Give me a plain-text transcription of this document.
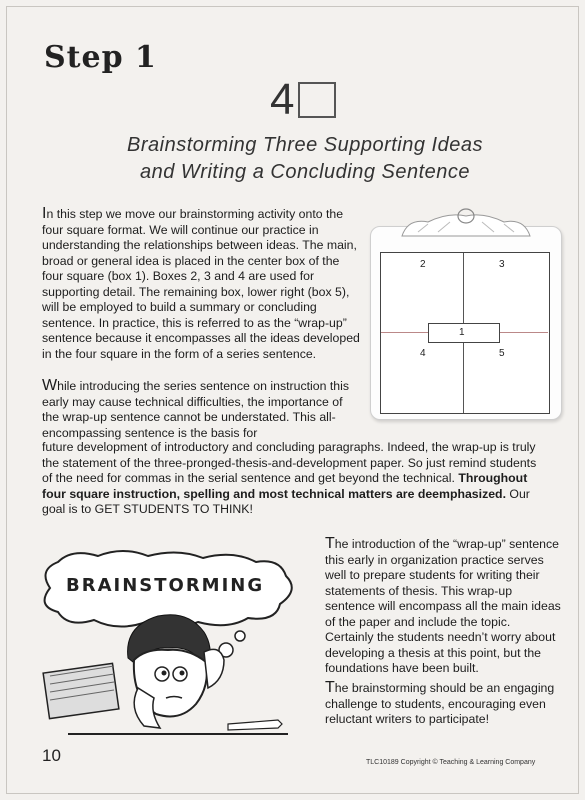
Step 1
4
Brainstorming Three Supporting Ideas
and Writing a Concluding Sentence

In this step we move our brainstorming activity onto the four square format. We will continue our practice in understanding the relationships between ideas. The main, broad or general idea is placed in the center box of the four square (box 1). Boxes 2, 3 and 4 are used for supporting detail. The remaining box, lower right (box 5), will be employed to build a summary or concluding sentence. In practice, this is referred to as the “wrap-up” sentence because it encompasses all the ideas developed in the four square in the form of a series sentence.

While introducing the series sentence on instruction this early may cause technical difficulties, the importance of the wrap-up sentence cannot be understated. This all-encompassing sentence is the basis for

future development of introductory and concluding paragraphs. Indeed, the wrap-up is truly the statement of the three-pronged-thesis-and-development paper. So just remind students of the need for commas in the serial sentence and get beyond the technical. Throughout four square instruction, spelling and most technical matters are deemphasized. Our goal is to GET STUDENTS TO THINK!

The introduction of the “wrap-up” sentence this early in organization practice serves well to prepare students for writing their statements of thesis. This wrap-up sentence will encompass all the main ideas of the paper and include the topic. Certainly the students needn’t worry about developing a thesis at this point, but the foundations have been built.

The brainstorming should be an engaging challenge to students, encouraging even reluctant writers to participate!

1
2	3
4	5
BRAINSTORMING
10	TLC10189 Copyright © Teaching & Learning Company
